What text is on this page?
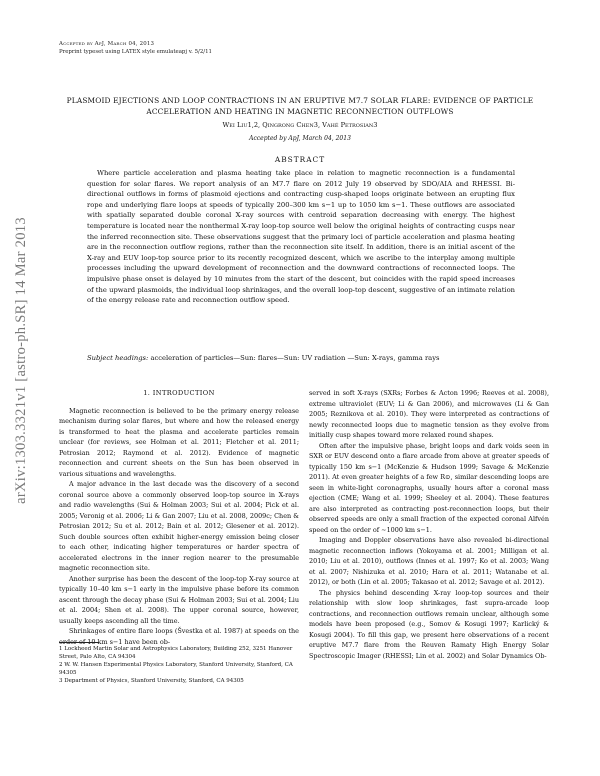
arXiv:1303.3321v1 [astro-ph.SR] 14 Mar 2013
Accepted by ApJ, March 04, 2013
Preprint typeset using LATEX style emulateapj v. 5/2/11
PLASMOID EJECTIONS AND LOOP CONTRACTIONS IN AN ERUPTIVE M7.7 SOLAR FLARE: EVIDENCE OF PARTICLE ACCELERATION AND HEATING IN MAGNETIC RECONNECTION OUTFLOWS
Wei Liu1,2, Qingrong Chen3, Vahé Petrosian3
Accepted by ApJ, March 04, 2013
ABSTRACT
Where particle acceleration and plasma heating take place in relation to magnetic reconnection is a fundamental question for solar flares. We report analysis of an M7.7 flare on 2012 July 19 observed by SDO/AIA and RHESSI. Bi-directional outflows in forms of plasmoid ejections and contracting cusp-shaped loops originate between an erupting flux rope and underlying flare loops at speeds of typically 200–300 km s−1 up to 1050 km s−1. These outflows are associated with spatially separated double coronal X-ray sources with centroid separation decreasing with energy. The highest temperature is located near the nonthermal X-ray loop-top source well below the original heights of contracting cusps near the inferred reconnection site. These observations suggest that the primary loci of particle acceleration and plasma heating are in the reconnection outflow regions, rather than the reconnection site itself. In addition, there is an initial ascent of the X-ray and EUV loop-top source prior to its recently recognized descent, which we ascribe to the interplay among multiple processes including the upward development of reconnection and the downward contractions of reconnected loops. The impulsive phase onset is delayed by 10 minutes from the start of the descent, but coincides with the rapid speed increases of the upward plasmoids, the individual loop shrinkages, and the overall loop-top descent, suggestive of an intimate relation of the energy release rate and reconnection outflow speed.
Subject headings: acceleration of particles—Sun: flares—Sun: UV radiation —Sun: X-rays, gamma rays
1. INTRODUCTION

Magnetic reconnection is believed to be the primary energy release mechanism during solar flares, but where and how the released energy is transformed to heat the plasma and accelerate particles remain unclear (for reviews, see Holman et al. 2011; Fletcher et al. 2011; Petrosian 2012; Raymond et al. 2012). Evidence of magnetic reconnection and current sheets on the Sun has been observed in various situations and wavelengths.

A major advance in the last decade was the discovery of a second coronal source above a commonly observed loop-top source in X-rays and radio wavelengths (Sui & Holman 2003; Sui et al. 2004; Pick et al. 2005; Veronig et al. 2006; Li & Gan 2007; Liu et al. 2008, 2009c; Chen & Petrosian 2012; Su et al. 2012; Bain et al. 2012; Glesener et al. 2012). Such double sources often exhibit higher-energy emission being closer to each other, indicating higher temperatures or harder spectra of accelerated electrons in the inner region nearer to the presumable magnetic reconnection site.

Another surprise has been the descent of the loop-top X-ray source at typically 10–40 km s−1 early in the impulsive phase before its common ascent through the decay phase (Sui & Holman 2003; Sui et al. 2004; Liu et al. 2004; Shen et al. 2008). The upper coronal source, however, usually keeps ascending all the time.

Shrinkages of entire flare loops (Švestka et al. 1987) at speeds on the order of 10 km s−1 have been ob-

1 Lockheed Martin Solar and Astrophysics Laboratory, Building 252, 3251 Hanover Street, Palo Alto, CA 94304
2 W. W. Hansen Experimental Physics Laboratory, Stanford University, Stanford, CA 94305
3 Department of Physics, Stanford University, Stanford, CA 94305

served in soft X-rays (SXRs; Forbes & Acton 1996; Reeves et al. 2008), extreme ultraviolet (EUV; Li & Gan 2006), and microwaves (Li & Gan 2005; Reznikova et al. 2010). They were interpreted as contractions of newly reconnected loops due to magnetic tension as they evolve from initially cusp shapes toward more relaxed round shapes.

Often after the impulsive phase, bright loops and dark voids seen in SXR or EUV descend onto a flare arcade from above at greater speeds of typically 150 km s−1 (McKenzie & Hudson 1999; Savage & McKenzie 2011). At even greater heights of a few R⊙, similar descending loops are seen in white-light coronagraphs, usually hours after a coronal mass ejection (CME; Wang et al. 1999; Sheeley et al. 2004). These features are also interpreted as contracting post-reconnection loops, but their observed speeds are only a small fraction of the expected coronal Alfvén speed on the order of ∼1000 km s−1.

Imaging and Doppler observations have also revealed bi-directional magnetic reconnection inflows (Yokoyama et al. 2001; Milligan et al. 2010; Liu et al. 2010), outflows (Innes et al. 1997; Ko et al. 2003; Wang et al. 2007; Nishizuka et al. 2010; Hara et al. 2011; Watanabe et al. 2012), or both (Lin et al. 2005; Takasao et al. 2012; Savage et al. 2012).

The physics behind descending X-ray loop-top sources and their relationship with slow loop shrinkages, fast supra-arcade loop contractions, and reconnection outflows remain unclear, although some models have been proposed (e.g., Somov & Kosugi 1997; Karlický & Kosugi 2004). To fill this gap, we present here observations of a recent eruptive M7.7 flare from the Reuven Ramaty High Energy Solar Spectroscopic Imager (RHESSI; Lin et al. 2002) and Solar Dynamics Ob-
